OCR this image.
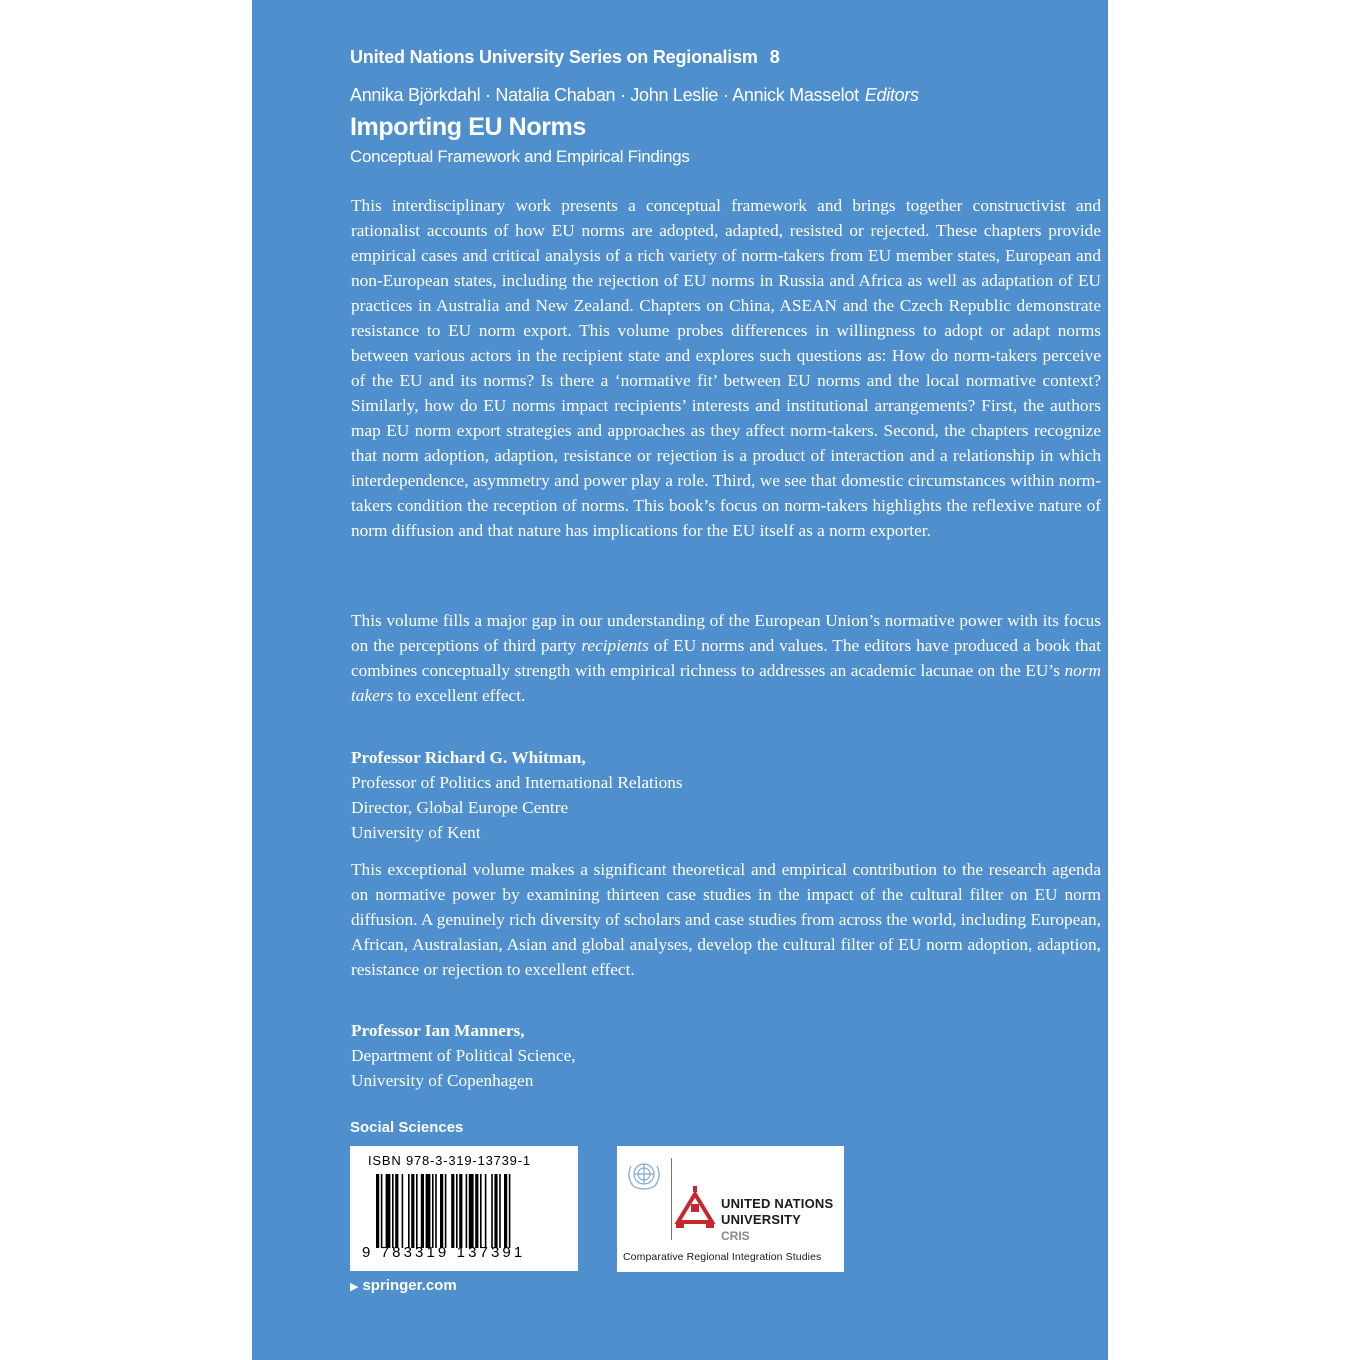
United Nations University Series on Regionalism 8
Annika Björkdahl · Natalia Chaban · John Leslie · Annick Masselot Editors
Importing EU Norms
Conceptual Framework and Empirical Findings

This interdisciplinary work presents a conceptual framework and brings together constructivist and rationalist accounts of how EU norms are adopted, adapted, resisted or rejected. These chapters provide empirical cases and critical analysis of a rich variety of norm-takers from EU member states, European and non-European states, including the rejection of EU norms in Russia and Africa as well as adaptation of EU practices in Australia and New Zealand. Chapters on China, ASEAN and the Czech Republic demonstrate resistance to EU norm export. This volume probes differences in willingness to adopt or adapt norms between various actors in the recipient state and explores such questions as: How do norm-takers perceive of the EU and its norms? Is there a ‘normative fit’ between EU norms and the local normative context? Similarly, how do EU norms impact recipients’ interests and institutional arrangements? First, the authors map EU norm export strategies and approaches as they affect norm-takers. Second, the chapters recognize that norm adoption, adaption, resistance or rejection is a product of interaction and a relationship in which interdependence, asymmetry and power play a role. Third, we see that domestic circumstances within norm-takers condition the reception of norms. This book’s focus on norm-takers highlights the reflexive nature of norm diffusion and that nature has implications for the EU itself as a norm exporter.

This volume fills a major gap in our understanding of the European Union’s normative power with its focus on the perceptions of third party recipients of EU norms and values. The editors have produced a book that combines conceptually strength with empirical richness to addresses an academic lacunae on the EU’s norm takers to excellent effect.

Professor Richard G. Whitman,
Professor of Politics and International Relations
Director, Global Europe Centre
University of Kent

This exceptional volume makes a significant theoretical and empirical contribution to the research agenda on normative power by examining thirteen case studies in the impact of the cultural filter on EU norm diffusion. A genuinely rich diversity of scholars and case studies from across the world, including European, African, Australasian, Asian and global analyses, develop the cultural filter of EU norm adoption, adaption, resistance or rejection to excellent effect.

Professor Ian Manners,
Department of Political Science,
University of Copenhagen
Social Sciences
ISBN 978-3-319-13739-1
9 783319 137391
▶ springer.com
UNITED NATIONS
UNIVERSITY
CRIS
Comparative Regional Integration Studies
